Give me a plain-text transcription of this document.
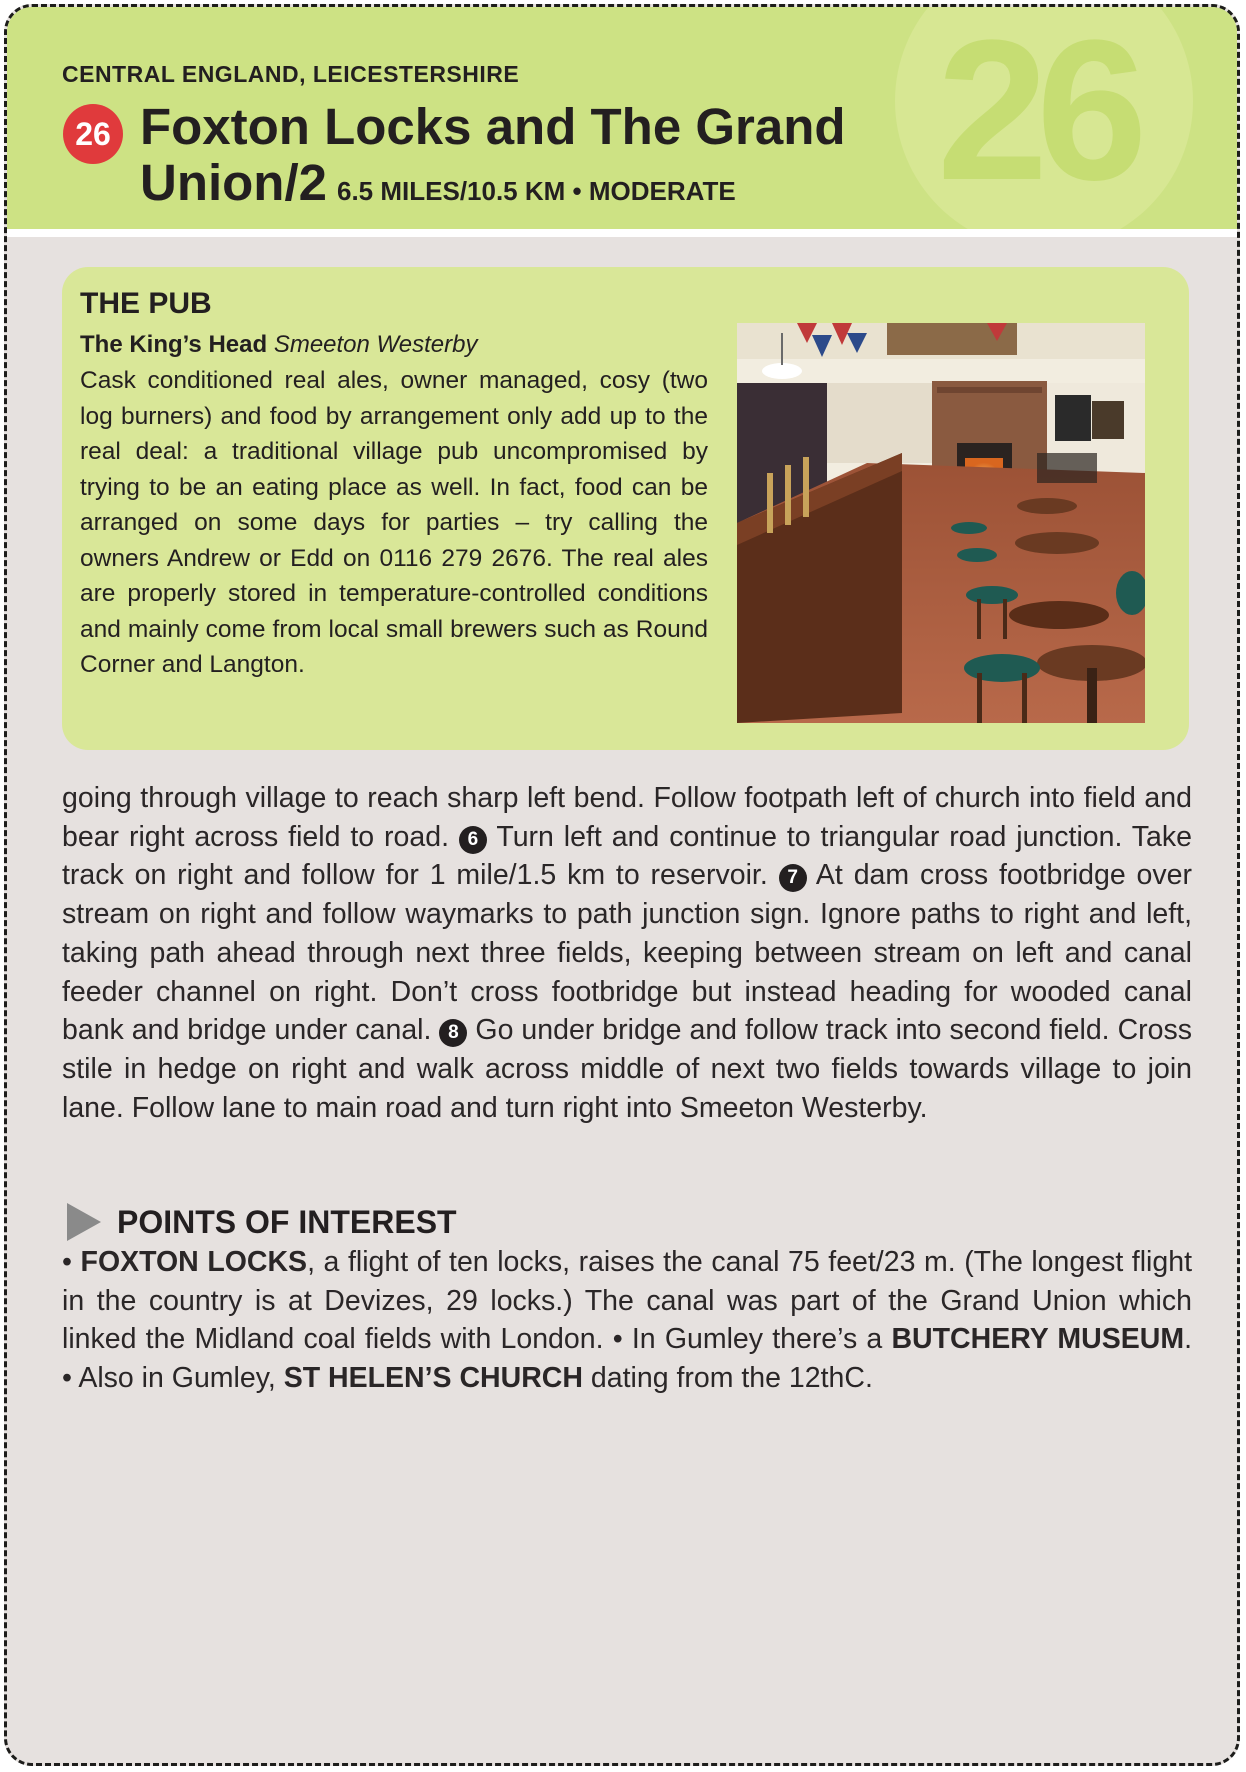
26
CENTRAL ENGLAND, LEICESTERSHIRE
26 Foxton Locks and The Grand
Union/2 6.5 MILES/10.5 KM • MODERATE
THE PUB
The King’s Head Smeeton Westerby
Cask conditioned real ales, owner managed, cosy (two log burners) and food by arrangement only add up to the real deal: a traditional village pub uncompromised by trying to be an eating place as well. In fact, food can be arranged on some days for parties – try calling the owners Andrew or Edd on 0116 279 2676. The real ales are properly stored in temperature-controlled conditions and mainly come from local small brewers such as Round Corner and Langton.
going through village to reach sharp left bend. Follow footpath left of church into field and bear right across field to road. 6 Turn left and continue to triangular road junction. Take track on right and follow for 1 mile/1.5 km to reservoir. 7 At dam cross footbridge over stream on right and follow waymarks to path junction sign. Ignore paths to right and left, taking path ahead through next three fields, keeping between stream on left and canal feeder channel on right. Don’t cross footbridge but instead heading for wooded canal bank and bridge under canal. 8 Go under bridge and follow track into second field. Cross stile in hedge on right and walk across middle of next two fields towards village to join lane. Follow lane to main road and turn right into Smeeton Westerby.
POINTS OF INTEREST
• FOXTON LOCKS, a flight of ten locks, raises the canal 75 feet/23 m. (The longest flight in the country is at Devizes, 29 locks.) The canal was part of the Grand Union which linked the Midland coal fields with London. • In Gumley there’s a BUTCHERY MUSEUM. • Also in Gumley, ST HELEN’S CHURCH dating from the 12thC.
